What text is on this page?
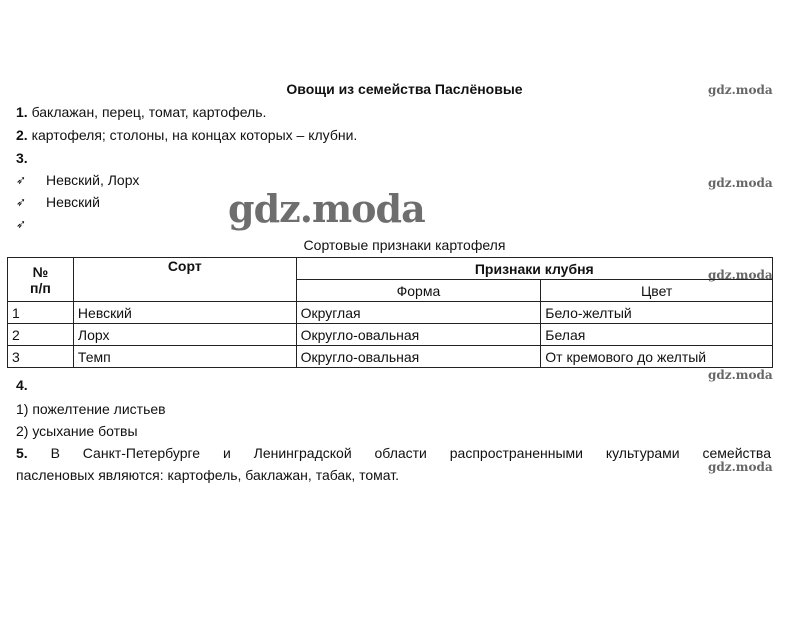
Овощи из семейства Паслёновые	gdz.moda
gdz.moda
gdz.moda
gdz.moda
gdz.moda
1. баклажан, перец, томат, картофель.
2. картофеля; столоны, на концах которых – клубни.
3.
➶ Невский, Лорх
➶ Невский
➶	gdz.moda
Сортовые признаки картофеля
№
п/п	Сорт	Признаки клубня	
		Форма	Цвет
1	Невский	Округлая	Бело-желтый
2	Лорх	Округло-овальная	Белая
3	Темп	Округло-овальная	От кремового до желтый
4.
1) пожелтение листьев
2) усыхание ботвы
5. В Санкт-Петербурге и Ленинградской области распространенными культурами семейства
пасленовых являются: картофель, баклажан, табак, томат.
